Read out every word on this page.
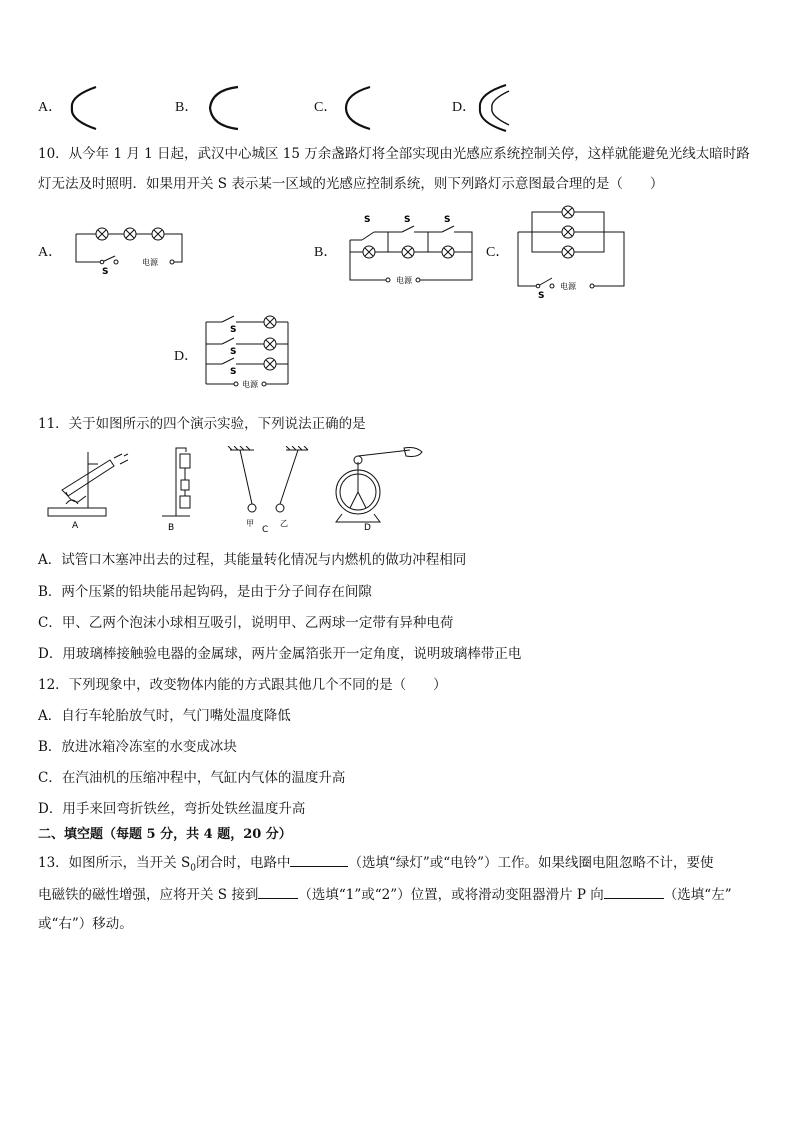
A．	B．	C．	D．
10．从今年 1 月 1 日起，武汉中心城区 15 万余盏路灯将全部实现由光感应系统控制关停，这样就能避免光线太暗时路
灯无法及时照明．如果用开关 S 表示某一区域的光感应控制系统，则下列路灯示意图最合理的是（　　）
A．
S
电源
B．
S	S	S
电源
C．
S
电源
D．
S
S
S
电源
11．关于如图所示的四个演示实验，下列说法正确的是
A	B	甲
C
乙	D
A．试管口木塞冲出去的过程，其能量转化情况与内燃机的做功冲程相同
B．两个压紧的铅块能吊起钩码，是由于分子间存在间隙
C．甲、乙两个泡沫小球相互吸引，说明甲、乙两球一定带有异种电荷
D．用玻璃棒接触验电器的金属球，两片金属箔张开一定角度，说明玻璃棒带正电
12．下列现象中，改变物体内能的方式跟其他几个不同的是（　　）
A．自行车轮胎放气时，气门嘴处温度降低
B．放进冰箱冷冻室的水变成冰块
C．在汽油机的压缩冲程中，气缸内气体的温度升高
D．用手来回弯折铁丝，弯折处铁丝温度升高
二、填空题（每题 5 分，共 4 题，20 分）
13．如图所示，当开关 $S_0$闭合时，电路中	（选填“绿灯”或“电铃”）工作。如果线圈电阻忽略不计，要使
电磁铁的磁性增强，应将开关 S 接到	（选填“1”或“2”）位置，或将滑动变阻器滑片 P 向	（选填“左”
或“右”）移动。
